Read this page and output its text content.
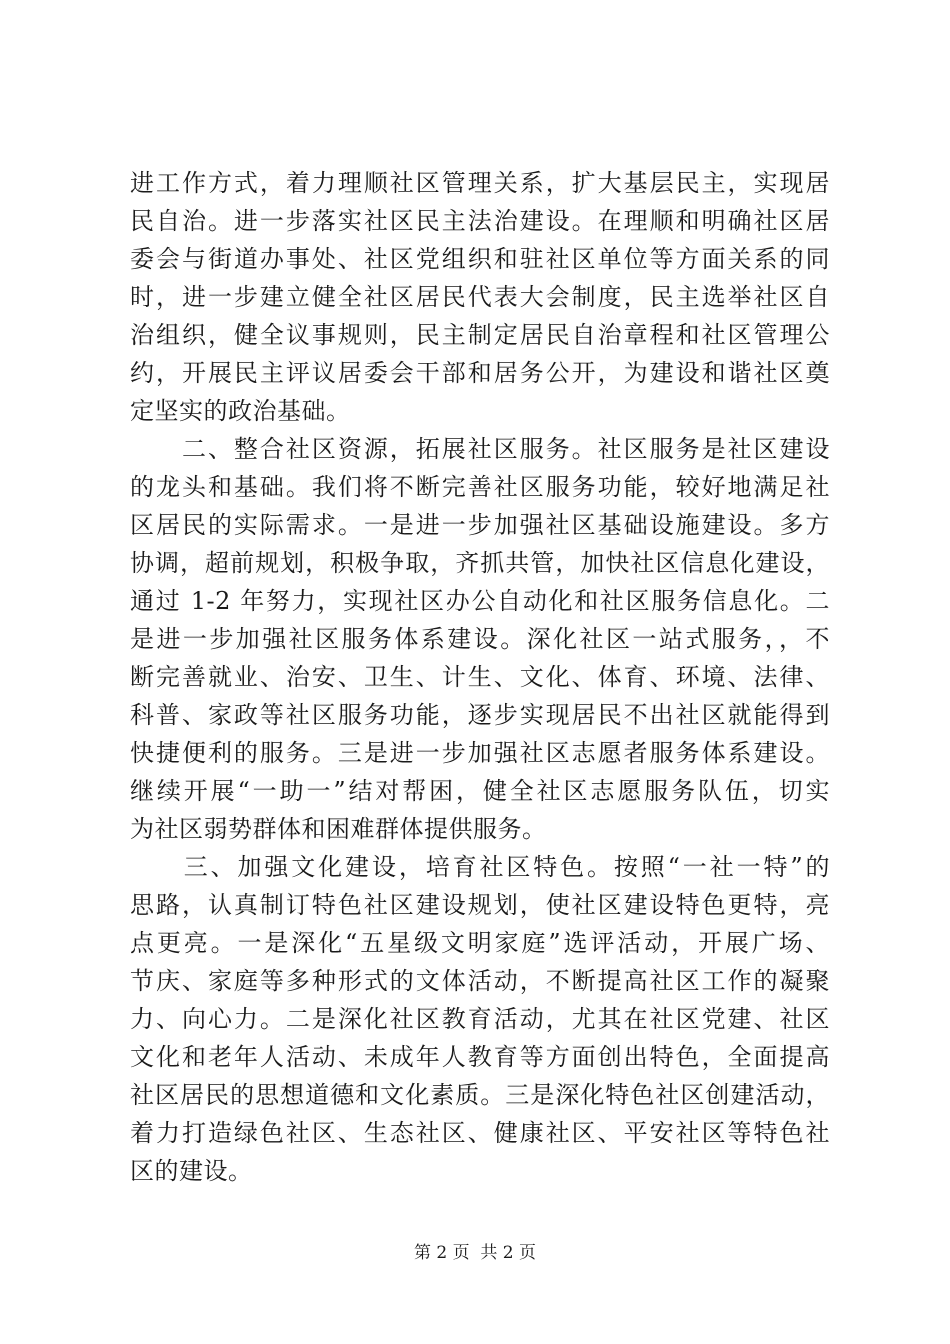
进工作方式，着力理顺社区管理关系，扩大基层民主，实现居
民自治。进一步落实社区民主法治建设。在理顺和明确社区居
委会与街道办事处、社区党组织和驻社区单位等方面关系的同
时，进一步建立健全社区居民代表大会制度，民主选举社区自
治组织，健全议事规则，民主制定居民自治章程和社区管理公
约，开展民主评议居委会干部和居务公开，为建设和谐社区奠
定坚实的政治基础。
　　二、整合社区资源，拓展社区服务。社区服务是社区建设
的龙头和基础。我们将不断完善社区服务功能，较好地满足社
区居民的实际需求。一是进一步加强社区基础设施建设。多方
协调，超前规划，积极争取，齐抓共管，加快社区信息化建设，
通过 1-2 年努力，实现社区办公自动化和社区服务信息化。二
是进一步加强社区服务体系建设。深化社区一站式服务，，不
断完善就业、治安、卫生、计生、文化、体育、环境、法律、
科普、家政等社区服务功能，逐步实现居民不出社区就能得到
快捷便利的服务。三是进一步加强社区志愿者服务体系建设。
继续开展“一助一”结对帮困，健全社区志愿服务队伍，切实
为社区弱势群体和困难群体提供服务。
　　三、加强文化建设，培育社区特色。按照“一社一特”的
思路，认真制订特色社区建设规划，使社区建设特色更特，亮
点更亮。一是深化“五星级文明家庭”选评活动，开展广场、
节庆、家庭等多种形式的文体活动，不断提高社区工作的凝聚
力、向心力。二是深化社区教育活动，尤其在社区党建、社区
文化和老年人活动、未成年人教育等方面创出特色，全面提高
社区居民的思想道德和文化素质。三是深化特色社区创建活动，
着力打造绿色社区、生态社区、健康社区、平安社区等特色社
区的建设。
第 2 页  共 2 页
